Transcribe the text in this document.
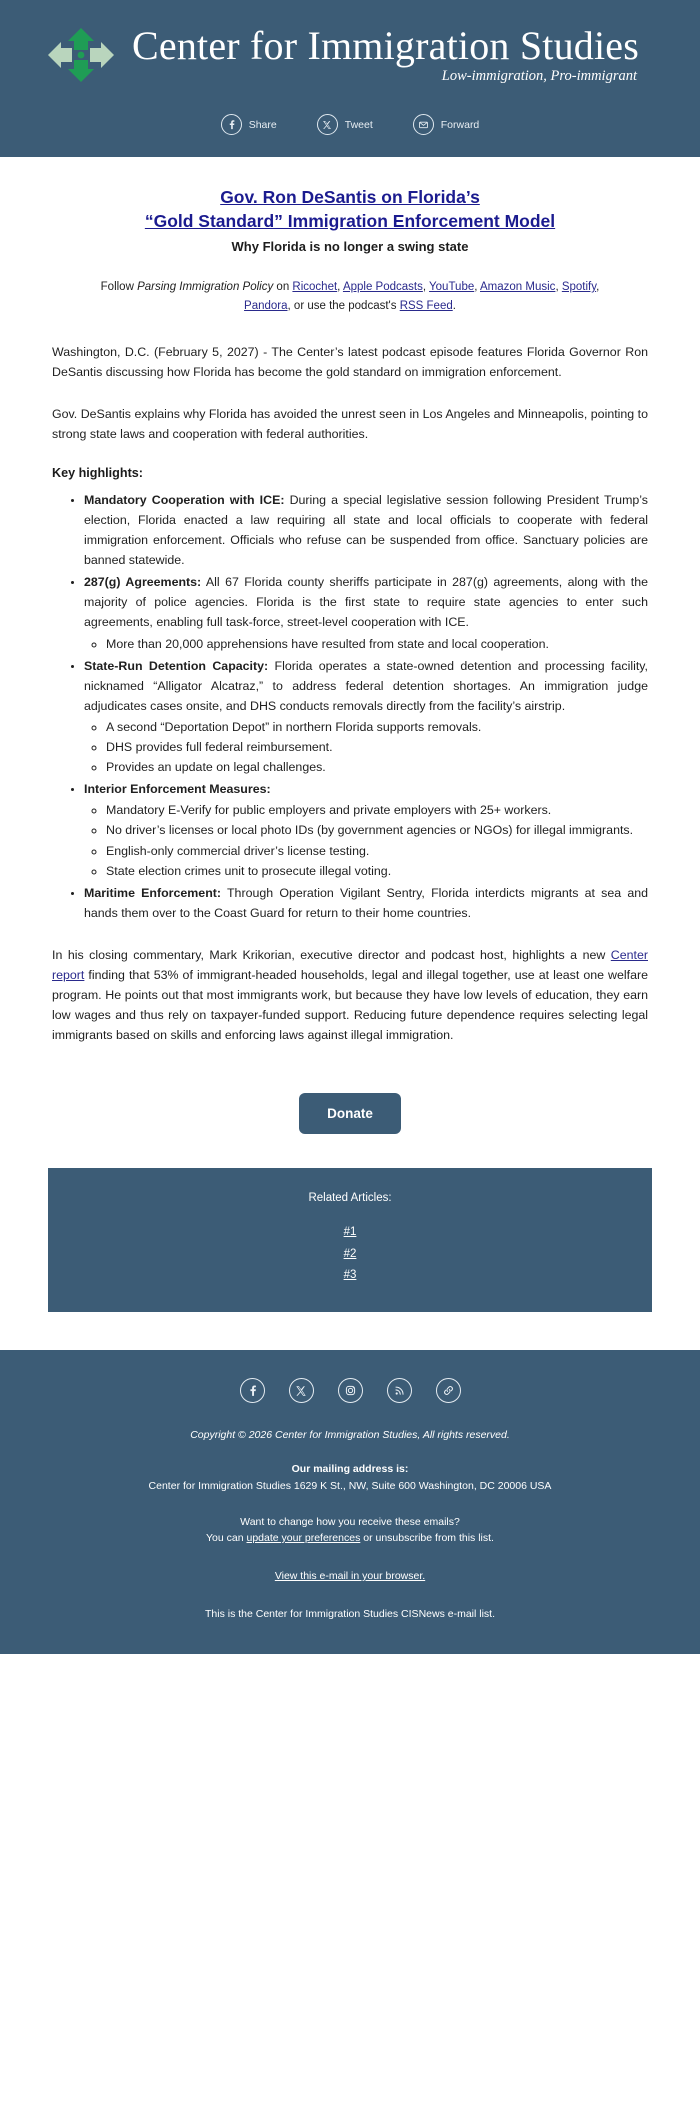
Center for Immigration Studies
Low-immigration, Pro-immigrant
Share	Tweet	Forward
Gov. Ron DeSantis on Florida’s
“Gold Standard” Immigration Enforcement Model
Why Florida is no longer a swing state
Follow Parsing Immigration Policy on Ricochet, Apple Podcasts, YouTube, Amazon Music, Spotify, Pandora, or use the podcast's RSS Feed.

Washington, D.C. (February 5, 2027) - The Center’s latest podcast episode features Florida Governor Ron DeSantis discussing how Florida has become the gold standard on immigration enforcement.

Gov. DeSantis explains why Florida has avoided the unrest seen in Los Angeles and Minneapolis, pointing to strong state laws and cooperation with federal authorities.

Key highlights:

• Mandatory Cooperation with ICE: During a special legislative session following President Trump’s election, Florida enacted a law requiring all state and local officials to cooperate with federal immigration enforcement. Officials who refuse can be suspended from office. Sanctuary policies are banned statewide.
• 287(g) Agreements: All 67 Florida county sheriffs participate in 287(g) agreements, along with the majority of police agencies. Florida is the first state to require state agencies to enter such agreements, enabling full task-force, street-level cooperation with ICE.
◦ More than 20,000 apprehensions have resulted from state and local cooperation.
• State-Run Detention Capacity: Florida operates a state-owned detention and processing facility, nicknamed “Alligator Alcatraz,” to address federal detention shortages. An immigration judge adjudicates cases onsite, and DHS conducts removals directly from the facility’s airstrip.
◦ A second “Deportation Depot” in northern Florida supports removals.
◦ DHS provides full federal reimbursement.
◦ Provides an update on legal challenges.
• Interior Enforcement Measures:
◦ Mandatory E-Verify for public employers and private employers with 25+ workers.
◦ No driver’s licenses or local photo IDs (by government agencies or NGOs) for illegal immigrants.
◦ English-only commercial driver’s license testing.
◦ State election crimes unit to prosecute illegal voting.
• Maritime Enforcement: Through Operation Vigilant Sentry, Florida interdicts migrants at sea and hands them over to the Coast Guard for return to their home countries.

In his closing commentary, Mark Krikorian, executive director and podcast host, highlights a new Center report finding that 53% of immigrant-headed households, legal and illegal together, use at least one welfare program. He points out that most immigrants work, but because they have low levels of education, they earn low wages and thus rely on taxpayer-funded support. Reducing future dependence requires selecting legal immigrants based on skills and enforcing laws against illegal immigration.

Donate
Related Articles:
#1
#2
#3
Copyright © 2026 Center for Immigration Studies, All rights reserved.
Our mailing address is:
Center for Immigration Studies 1629 K St., NW, Suite 600 Washington, DC 20006 USA
Want to change how you receive these emails?
You can update your preferences or unsubscribe from this list.
View this e-mail in your browser.
This is the Center for Immigration Studies CISNews e-mail list.
